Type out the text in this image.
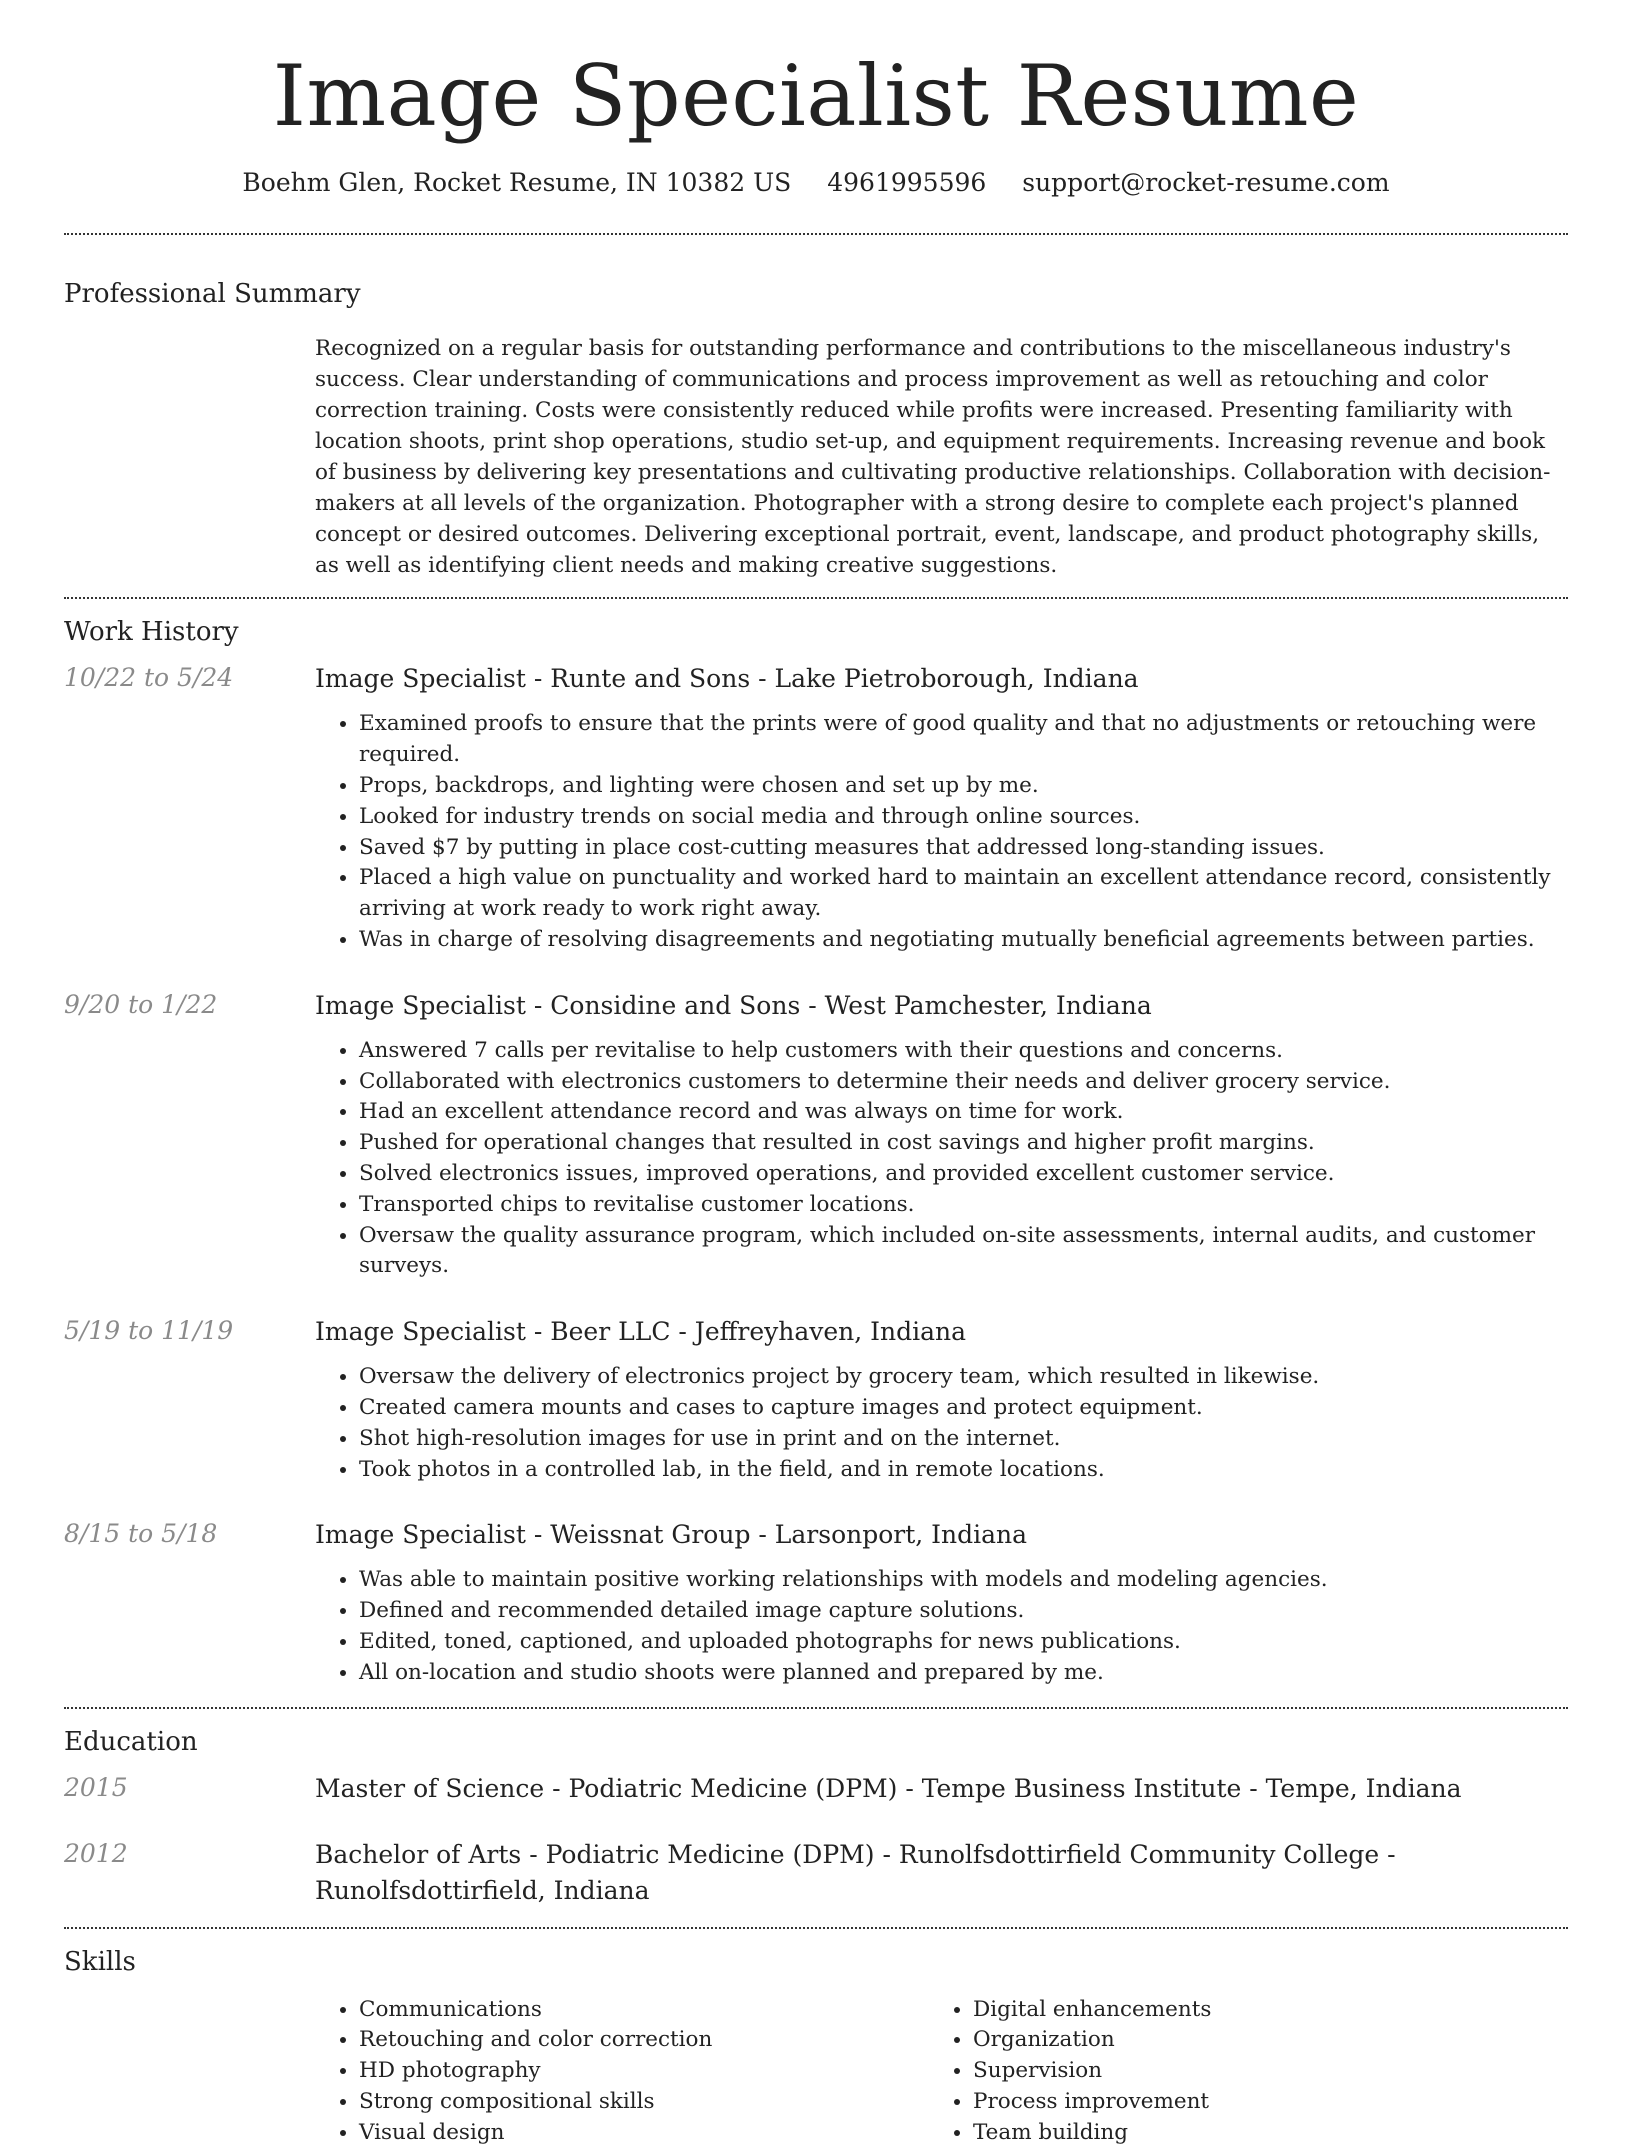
Image Specialist Resume
Boehm Glen, Rocket Resume, IN 10382 US 4961995596 support@rocket-resume.com
Professional Summary
Recognized on a regular basis for outstanding performance and contributions to the miscellaneous industry's success. Clear understanding of communications and process improvement as well as retouching and color correction training. Costs were consistently reduced while profits were increased. Presenting familiarity with location shoots, print shop operations, studio set-up, and equipment requirements. Increasing revenue and book of business by delivering key presentations and cultivating productive relationships. Collaboration with decision-makers at all levels of the organization. Photographer with a strong desire to complete each project's planned concept or desired outcomes. Delivering exceptional portrait, event, landscape, and product photography skills, as well as identifying client needs and making creative suggestions.
Work History
10/22 to 5/24	Image Specialist - Runte and Sons - Lake Pietroborough, Indiana
• Examined proofs to ensure that the prints were of good quality and that no adjustments or retouching were required.
• Props, backdrops, and lighting were chosen and set up by me.
• Looked for industry trends on social media and through online sources.
• Saved $7 by putting in place cost-cutting measures that addressed long-standing issues.
• Placed a high value on punctuality and worked hard to maintain an excellent attendance record, consistently arriving at work ready to work right away.
• Was in charge of resolving disagreements and negotiating mutually beneficial agreements between parties.
9/20 to 1/22	Image Specialist - Considine and Sons - West Pamchester, Indiana
• Answered 7 calls per revitalise to help customers with their questions and concerns.
• Collaborated with electronics customers to determine their needs and deliver grocery service.
• Had an excellent attendance record and was always on time for work.
• Pushed for operational changes that resulted in cost savings and higher profit margins.
• Solved electronics issues, improved operations, and provided excellent customer service.
• Transported chips to revitalise customer locations.
• Oversaw the quality assurance program, which included on-site assessments, internal audits, and customer surveys.
5/19 to 11/19	Image Specialist - Beer LLC - Jeffreyhaven, Indiana
• Oversaw the delivery of electronics project by grocery team, which resulted in likewise.
• Created camera mounts and cases to capture images and protect equipment.
• Shot high-resolution images for use in print and on the internet.
• Took photos in a controlled lab, in the field, and in remote locations.
8/15 to 5/18	Image Specialist - Weissnat Group - Larsonport, Indiana
• Was able to maintain positive working relationships with models and modeling agencies.
• Defined and recommended detailed image capture solutions.
• Edited, toned, captioned, and uploaded photographs for news publications.
• All on-location and studio shoots were planned and prepared by me.
Education
2015	Master of Science - Podiatric Medicine (DPM) - Tempe Business Institute - Tempe, Indiana
2012	Bachelor of Arts - Podiatric Medicine (DPM) - Runolfsdottirfield Community College - Runolfsdottirfield, Indiana
Skills
• Communications
• Retouching and color correction
• HD photography
• Strong compositional skills
• Visual design
• Digital enhancements
• Organization
• Supervision
• Process improvement
• Team building
